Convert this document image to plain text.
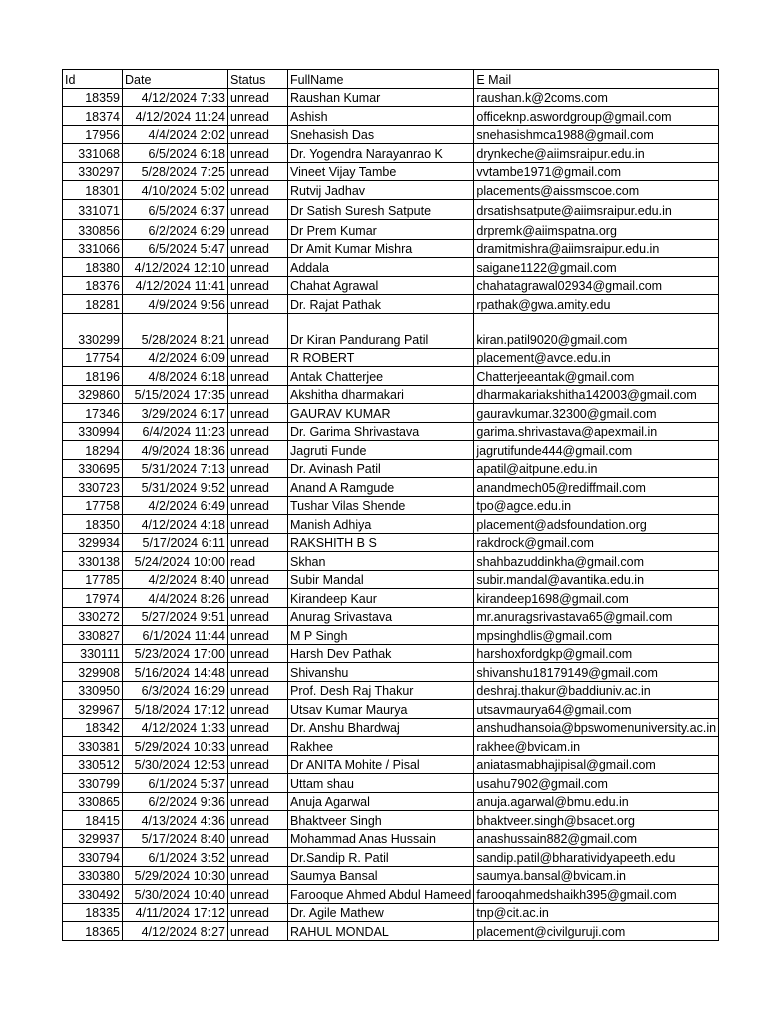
Id	Date	Status	FullName	E Mail
18359	4/12/2024 7:33	unread	Raushan Kumar	raushan.k@2coms.com
18374	4/12/2024 11:24	unread	Ashish	officeknp.aswordgroup@gmail.com
17956	4/4/2024 2:02	unread	Snehasish Das	snehasishmca1988@gmail.com
331068	6/5/2024 6:18	unread	Dr. Yogendra Narayanrao K	drynkeche@aiimsraipur.edu.in
330297	5/28/2024 7:25	unread	Vineet Vijay Tambe	vvtambe1971@gmail.com
18301	4/10/2024 5:02	unread	Rutvij Jadhav	placements@aissmscoe.com
331071	6/5/2024 6:37	unread	Dr Satish Suresh Satpute	drsatishsatpute@aiimsraipur.edu.in
330856	6/2/2024 6:29	unread	Dr Prem Kumar	drpremk@aiimspatna.org
331066	6/5/2024 5:47	unread	Dr Amit Kumar Mishra	dramitmishra@aiimsraipur.edu.in
18380	4/12/2024 12:10	unread	Addala	saigane1122@gmail.com
18376	4/12/2024 11:41	unread	Chahat Agrawal	chahatagrawal02934@gmail.com
18281	4/9/2024 9:56	unread	Dr. Rajat Pathak	rpathak@gwa.amity.edu
330299	5/28/2024 8:21	unread	Dr Kiran Pandurang Patil	kiran.patil9020@gmail.com
17754	4/2/2024 6:09	unread	R ROBERT	placement@avce.edu.in
18196	4/8/2024 6:18	unread	Antak Chatterjee	Chatterjeeantak@gmail.com
329860	5/15/2024 17:35	unread	Akshitha dharmakari	dharmakariakshitha142003@gmail.com
17346	3/29/2024 6:17	unread	GAURAV KUMAR	gauravkumar.32300@gmail.com
330994	6/4/2024 11:23	unread	Dr. Garima Shrivastava	garima.shrivastava@apexmail.in
18294	4/9/2024 18:36	unread	Jagruti Funde	jagrutifunde444@gmail.com
330695	5/31/2024 7:13	unread	Dr. Avinash Patil	apatil@aitpune.edu.in
330723	5/31/2024 9:52	unread	Anand A Ramgude	anandmech05@rediffmail.com
17758	4/2/2024 6:49	unread	Tushar Vilas Shende	tpo@agce.edu.in
18350	4/12/2024 4:18	unread	Manish Adhiya	placement@adsfoundation.org
329934	5/17/2024 6:11	unread	RAKSHITH B S	rakdrock@gmail.com
330138	5/24/2024 10:00	read	Skhan	shahbazuddinkha@gmail.com
17785	4/2/2024 8:40	unread	Subir Mandal	subir.mandal@avantika.edu.in
17974	4/4/2024 8:26	unread	Kirandeep Kaur	kirandeep1698@gmail.com
330272	5/27/2024 9:51	unread	Anurag Srivastava	mr.anuragsrivastava65@gmail.com
330827	6/1/2024 11:44	unread	M P Singh	mpsinghdlis@gmail.com
330111	5/23/2024 17:00	unread	Harsh Dev Pathak	harshoxfordgkp@gmail.com
329908	5/16/2024 14:48	unread	Shivanshu	shivanshu18179149@gmail.com
330950	6/3/2024 16:29	unread	Prof. Desh Raj Thakur	deshraj.thakur@baddiuniv.ac.in
329967	5/18/2024 17:12	unread	Utsav Kumar Maurya	utsavmaurya64@gmail.com
18342	4/12/2024 1:33	unread	Dr. Anshu Bhardwaj	anshudhansoia@bpswomenuniversity.ac.in
330381	5/29/2024 10:33	unread	Rakhee	rakhee@bvicam.in
330512	5/30/2024 12:53	unread	Dr ANITA Mohite / Pisal	aniatasmabhajipisal@gmail.com
330799	6/1/2024 5:37	unread	Uttam shau	usahu7902@gmail.com
330865	6/2/2024 9:36	unread	Anuja Agarwal	anuja.agarwal@bmu.edu.in
18415	4/13/2024 4:36	unread	Bhaktveer Singh	bhaktveer.singh@bsacet.org
329937	5/17/2024 8:40	unread	Mohammad Anas Hussain	anashussain882@gmail.com
330794	6/1/2024 3:52	unread	Dr.Sandip R. Patil	sandip.patil@bharatividyapeeth.edu
330380	5/29/2024 10:30	unread	Saumya Bansal	saumya.bansal@bvicam.in
330492	5/30/2024 10:40	unread	Farooque Ahmed Abdul Hameed	farooqahmedshaikh395@gmail.com
18335	4/11/2024 17:12	unread	Dr. Agile Mathew	tnp@cit.ac.in
18365	4/12/2024 8:27	unread	RAHUL MONDAL	placement@civilguruji.com
